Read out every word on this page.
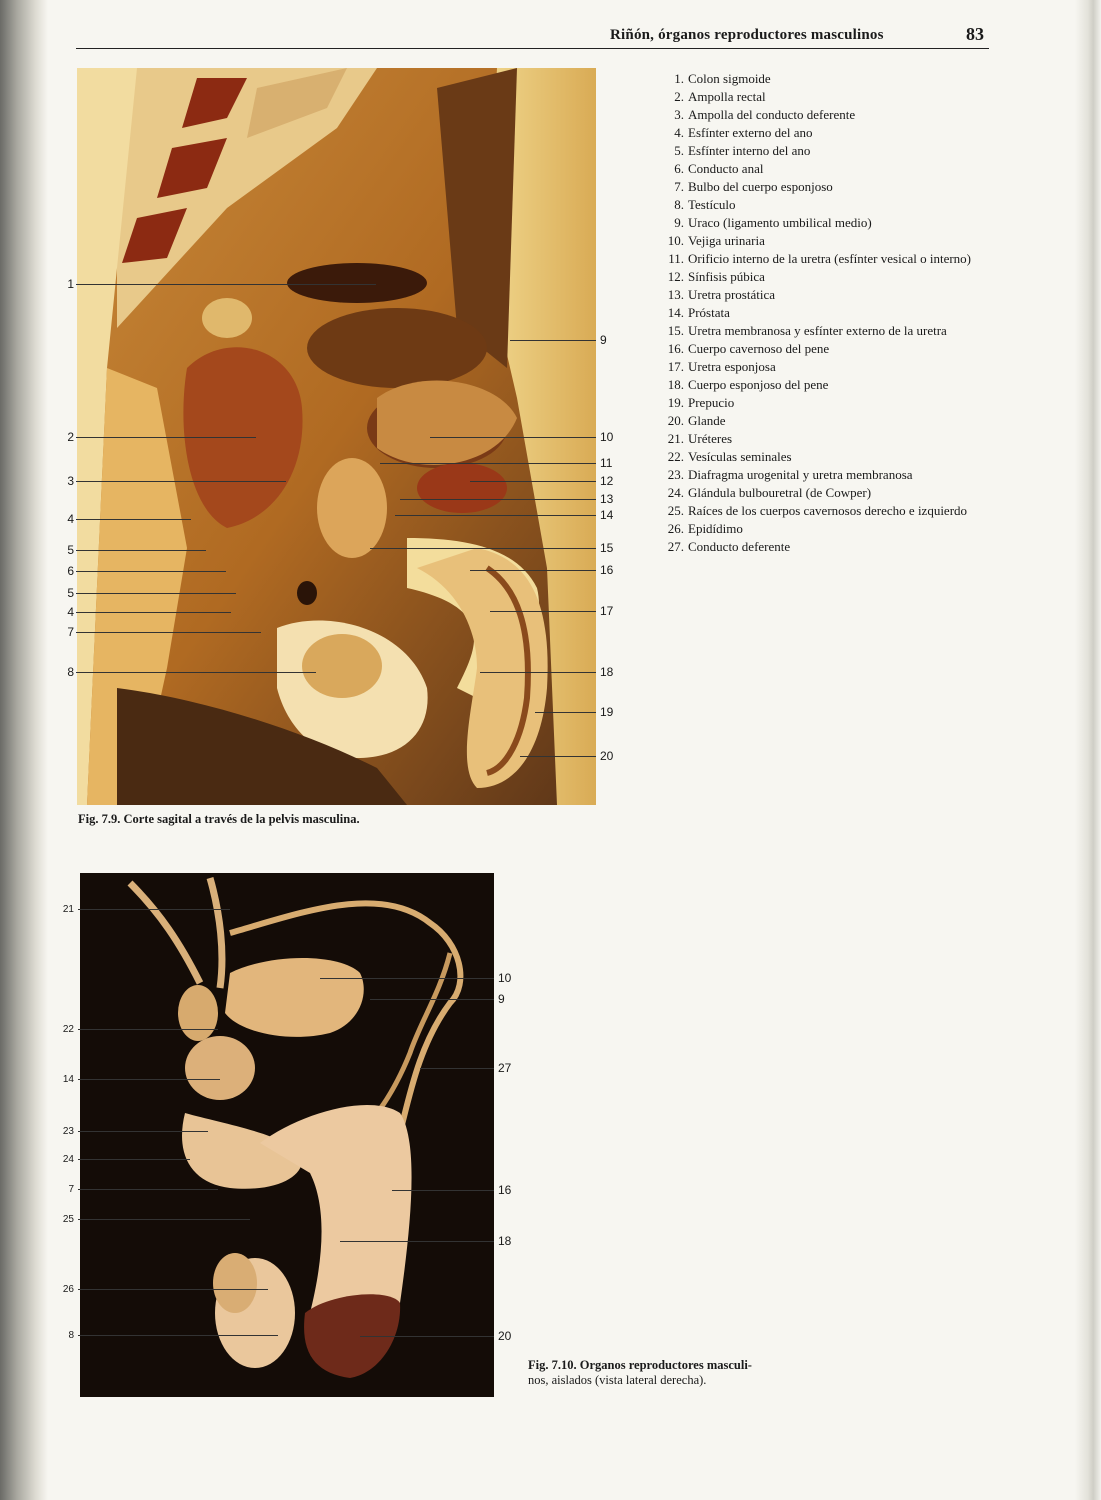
Riñón, órganos reproductores masculinos	83
1
2
3
4
5
6
5
4
7
8
9
10
11
12
13
14
15
16
17
18
19
20
Fig. 7.9. Corte sagital a través de la pelvis masculina.
1. Colon sigmoide
2. Ampolla rectal
3. Ampolla del conducto deferente
4. Esfínter externo del ano
5. Esfínter interno del ano
6. Conducto anal
7. Bulbo del cuerpo esponjoso
8. Testículo
9. Uraco (ligamento umbilical medio)
10. Vejiga urinaria
11. Orificio interno de la uretra (esfínter vesical o interno)
12. Sínfisis púbica
13. Uretra prostática
14. Próstata
15. Uretra membranosa y esfínter externo de la uretra
16. Cuerpo cavernoso del pene
17. Uretra esponjosa
18. Cuerpo esponjoso del pene
19. Prepucio
20. Glande
21. Uréteres
22. Vesículas seminales
23. Diafragma urogenital y uretra membranosa
24. Glándula bulbouretral (de Cowper)
25. Raíces de los cuerpos cavernosos derecho e izquierdo
26. Epidídimo
27. Conducto deferente
21
22
14
23
24
7
25
26
8
10
9
27
16
18
20
Fig. 7.10. Organos reproductores masculi-
nos, aislados (vista lateral derecha).
